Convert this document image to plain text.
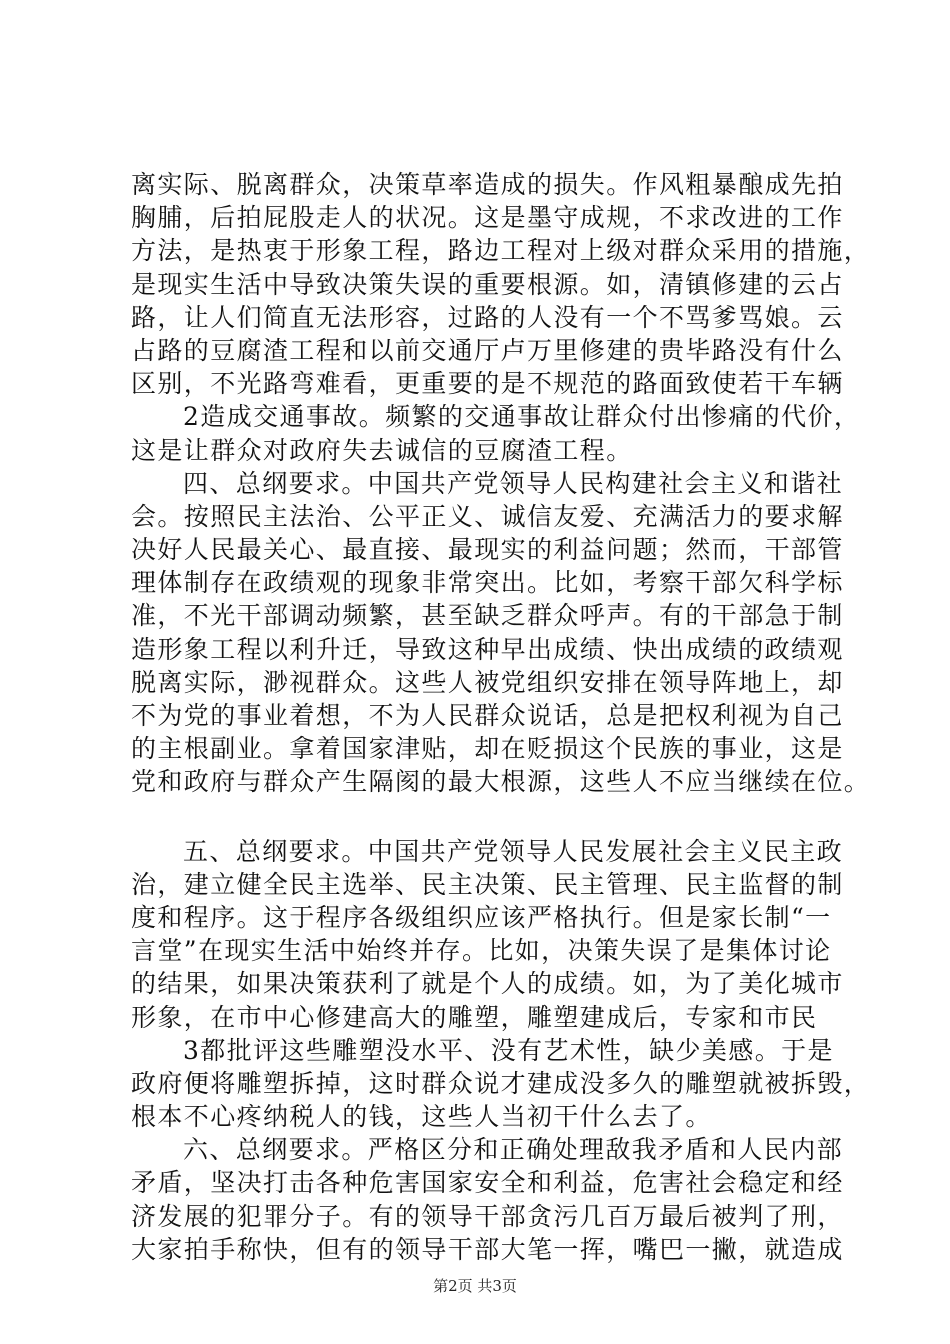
离实际、脱离群众，决策草率造成的损失。作风粗暴酿成先拍
胸脯，后拍屁股走人的状况。这是墨守成规，不求改进的工作
方法，是热衷于形象工程，路边工程对上级对群众采用的措施，
是现实生活中导致决策失误的重要根源。如，清镇修建的云占
路，让人们简直无法形容，过路的人没有一个不骂爹骂娘。云
占路的豆腐渣工程和以前交通厅卢万里修建的贵毕路没有什么
区别，不光路弯难看，更重要的是不规范的路面致使若干车辆
2造成交通事故。频繁的交通事故让群众付出惨痛的代价，
这是让群众对政府失去诚信的豆腐渣工程。
四、总纲要求。中国共产党领导人民构建社会主义和谐社
会。按照民主法治、公平正义、诚信友爱、充满活力的要求解
决好人民最关心、最直接、最现实的利益问题；然而，干部管
理体制存在政绩观的现象非常突出。比如，考察干部欠科学标
准，不光干部调动频繁，甚至缺乏群众呼声。有的干部急于制
造形象工程以利升迁，导致这种早出成绩、快出成绩的政绩观
脱离实际，渺视群众。这些人被党组织安排在领导阵地上，却
不为党的事业着想，不为人民群众说话，总是把权利视为自己
的主根副业。拿着国家津贴，却在贬损这个民族的事业，这是
党和政府与群众产生隔阂的最大根源，这些人不应当继续在位。
五、总纲要求。中国共产党领导人民发展社会主义民主政
治，建立健全民主选举、民主决策、民主管理、民主监督的制
度和程序。这于程序各级组织应该严格执行。但是家长制“一
言堂”在现实生活中始终并存。比如，决策失误了是集体讨论
的结果，如果决策获利了就是个人的成绩。如，为了美化城市
形象，在市中心修建高大的雕塑，雕塑建成后，专家和市民
3都批评这些雕塑没水平、没有艺术性，缺少美感。于是
政府便将雕塑拆掉，这时群众说才建成没多久的雕塑就被拆毁，
根本不心疼纳税人的钱，这些人当初干什么去了。
六、总纲要求。严格区分和正确处理敌我矛盾和人民内部
矛盾，坚决打击各种危害国家安全和利益，危害社会稳定和经
济发展的犯罪分子。有的领导干部贪污几百万最后被判了刑，
大家拍手称快，但有的领导干部大笔一挥，嘴巴一撇，就造成
第2页 共3页
